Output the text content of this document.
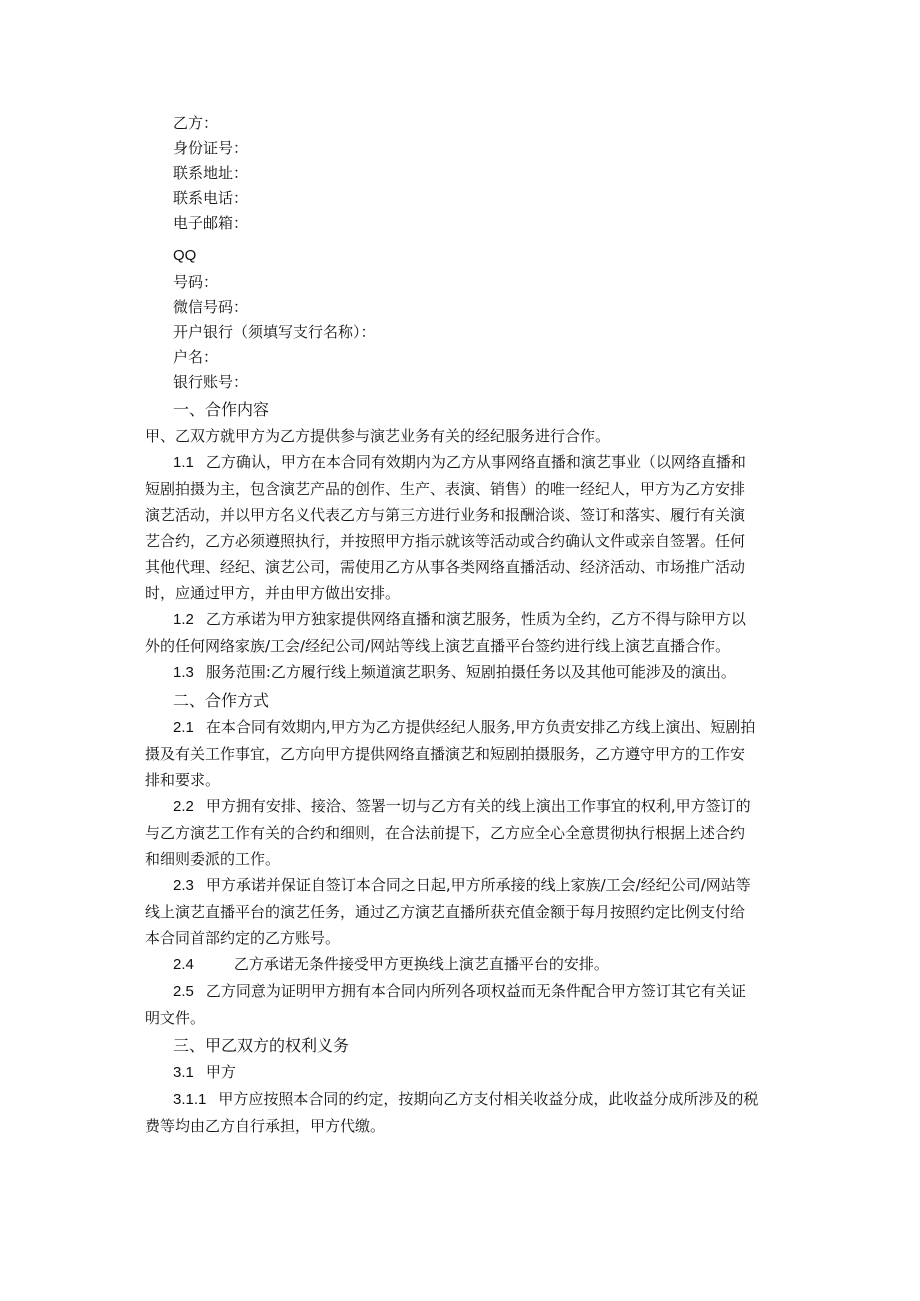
乙方：
身份证号：
联系地址：
联系电话：
电子邮箱：
QQ
号码：
微信号码：
开户银行（须填写支行名称）：
户名：
银行账号：
一、合作内容
甲、乙双方就甲方为乙方提供参与演艺业务有关的经纪服务进行合作。
1.1 乙方确认，甲方在本合同有效期内为乙方从事网络直播和演艺事业（以网络直播和短剧拍摄为主，包含演艺产品的创作、生产、表演、销售）的唯一经纪人，甲方为乙方安排演艺活动，并以甲方名义代表乙方与第三方进行业务和报酬洽谈、签订和落实、履行有关演艺合约，乙方必须遵照执行，并按照甲方指示就该等活动或合约确认文件或亲自签署。任何其他代理、经纪、演艺公司，需使用乙方从事各类网络直播活动、经济活动、市场推广活动时，应通过甲方，并由甲方做出安排。
1.2 乙方承诺为甲方独家提供网络直播和演艺服务，性质为全约，乙方不得与除甲方以外的任何网络家族/工会/经纪公司/网站等线上演艺直播平台签约进行线上演艺直播合作。
1.3 服务范围:乙方履行线上频道演艺职务、短剧拍摄任务以及其他可能涉及的演出。
二、合作方式
2.1 在本合同有效期内,甲方为乙方提供经纪人服务,甲方负责安排乙方线上演出、短剧拍摄及有关工作事宜，乙方向甲方提供网络直播演艺和短剧拍摄服务，乙方遵守甲方的工作安排和要求。
2.2 甲方拥有安排、接洽、签署一切与乙方有关的线上演出工作事宜的权利,甲方签订的与乙方演艺工作有关的合约和细则，在合法前提下，乙方应全心全意贯彻执行根据上述合约和细则委派的工作。
2.3 甲方承诺并保证自签订本合同之日起,甲方所承接的线上家族/工会/经纪公司/网站等线上演艺直播平台的演艺任务，通过乙方演艺直播所获充值金额于每月按照约定比例支付给本合同首部约定的乙方账号。
2.4	乙方承诺无条件接受甲方更换线上演艺直播平台的安排。
2.5 乙方同意为证明甲方拥有本合同内所列各项权益而无条件配合甲方签订其它有关证明文件。
三、甲乙双方的权利义务
3.1 甲方
3.1.1 甲方应按照本合同的约定，按期向乙方支付相关收益分成，此收益分成所涉及的税费等均由乙方自行承担，甲方代缴。
